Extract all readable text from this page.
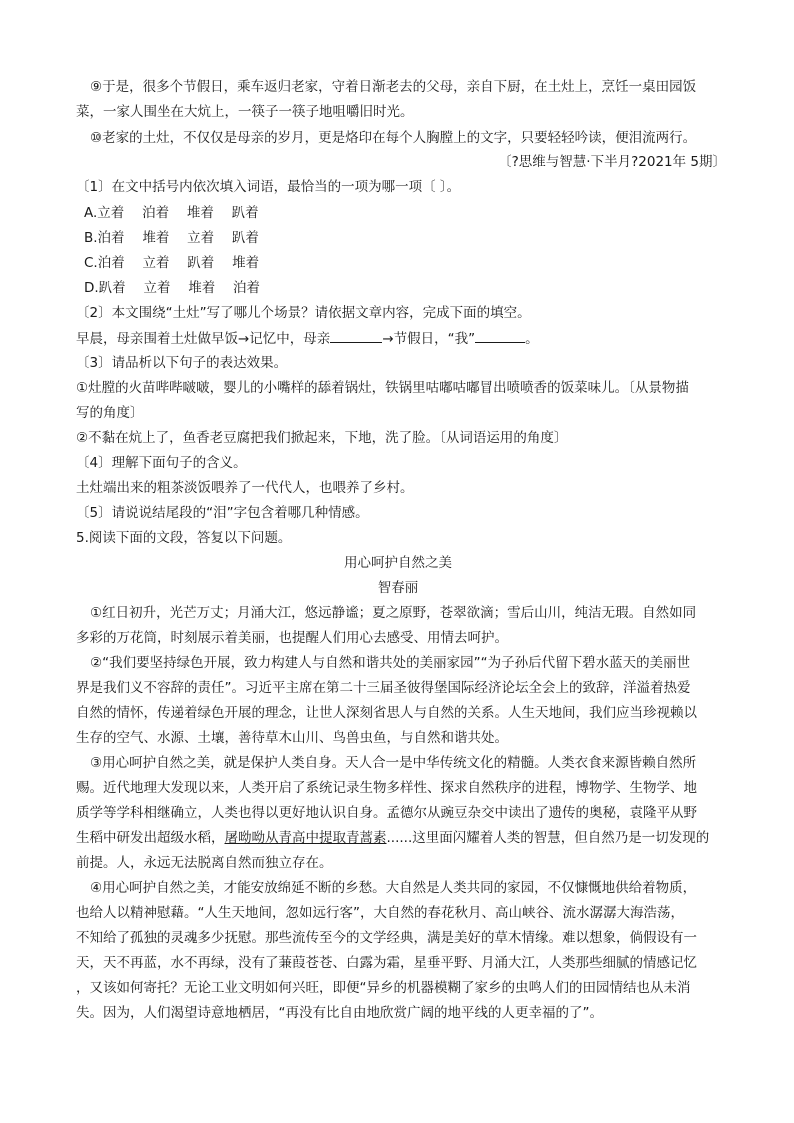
⑨于是，很多个节假日，乘车返归老家，守着日渐老去的父母，亲自下厨，在土灶上，烹饪一桌田园饭
菜，一家人围坐在大炕上，一筷子一筷子地咀嚼旧时光。
⑩老家的土灶，不仅仅是母亲的岁月，更是烙印在每个人胸膛上的文字，只要轻轻吟读，便泪流两行。
〔?思维与智慧·下半月?2021年 5期〕
〔1〕在文中括号内依次填入词语，最恰当的一项为哪一项〔 〕。
A.立着　 泊着　 堆着　 趴着
B.泊着　 堆着　 立着　 趴着
C.泊着　 立着　 趴着　 堆着
D.趴着　 立着　 堆着　 泊着
〔2〕本文围绕“土灶”写了哪儿个场景？请依据文章内容，完成下面的填空。
早晨，母亲围着土灶做早饭→记忆中，母亲	→节假日，“我”	。
〔3〕请品析以下句子的表达效果。
①灶膛的火苗哔哔啵啵，婴儿的小嘴样的舔着锅灶，铁锅里咕嘟咕嘟冒出喷喷香的饭菜味儿。〔从景物描
写的角度〕
②不黏在炕上了，鱼香老豆腐把我们掀起来，下地，洗了脸。〔从词语运用的角度〕
〔4〕理解下面句子的含义。
土灶端出来的粗茶淡饭喂养了一代代人，也喂养了乡村。
〔5〕请说说结尾段的“泪”字包含着哪几种情感。
5.阅读下面的文段，答复以下问题。
用心呵护自然之美
智春丽
①红日初升，光芒万丈；月涌大江，悠远静谧；夏之原野，苍翠欲滴；雪后山川，纯洁无瑕。自然如同
多彩的万花筒，时刻展示着美丽，也提醒人们用心去感受、用情去呵护。
②“我们要坚持绿色开展，致力构建人与自然和谐共处的美丽家园”“为子孙后代留下碧水蓝天的美丽世
界是我们义不容辞的责任”。习近平主席在第二十三届圣彼得堡国际经济论坛全会上的致辞，洋溢着热爱
自然的情怀，传递着绿色开展的理念，让世人深刻省思人与自然的关系。人生天地间，我们应当珍视赖以
生存的空气、水源、土壤，善待草木山川、鸟兽虫鱼，与自然和谐共处。
③用心呵护自然之美，就是保护人类自身。天人合一是中华传统文化的精髓。人类衣食来源皆赖自然所
赐。近代地理大发现以来，人类开启了系统记录生物多样性、探求自然秩序的进程，博物学、生物学、地
质学等学科相继确立，人类也得以更好地认识自身。孟德尔从豌豆杂交中读出了遗传的奥秘，袁隆平从野
生稻中研发出超级水稻，屠呦呦从青高中提取青蒿素......这里面闪耀着人类的智慧，但自然乃是一切发现的
前提。人，永远无法脱离自然而独立存在。
④用心呵护自然之美，才能安放绵延不断的乡愁。大自然是人类共同的家园，不仅慷慨地供给着物质，
也给人以精神慰藉。“人生天地间，忽如远行客”，大自然的春花秋月、高山峡谷、流水潺潺大海浩荡，
不知给了孤独的灵魂多少抚慰。那些流传至今的文学经典，满是美好的草木情缘。难以想象，倘假设有一
天，天不再蓝，水不再绿，没有了蒹葭苍苍、白露为霜，星垂平野、月涌大江，人类那些细腻的情感记忆
，又该如何寄托？无论工业文明如何兴旺，即便“异乡的机器模糊了家乡的虫鸣人们的田园情结也从未消
失。因为，人们渴望诗意地栖居，“再没有比自由地欣赏广阔的地平线的人更幸福的了”。
